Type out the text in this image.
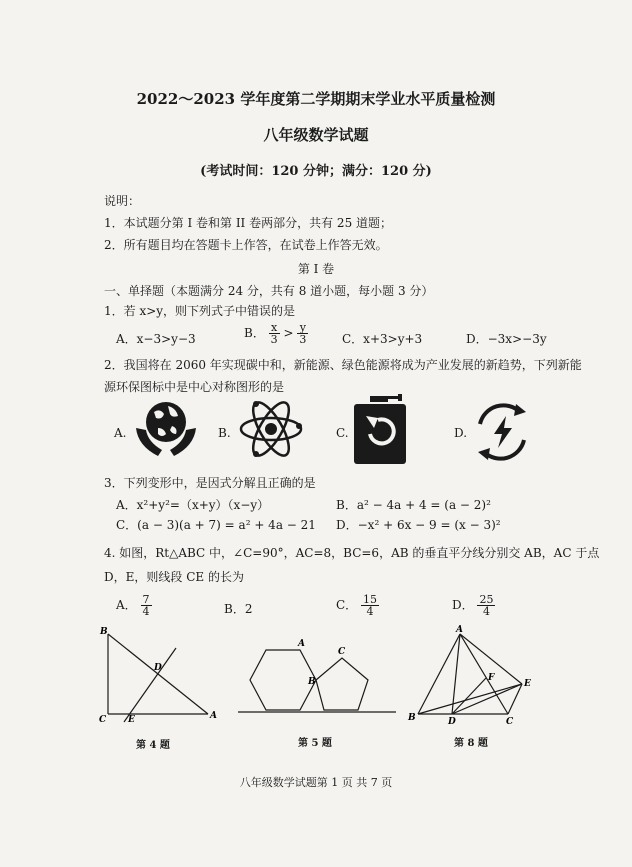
2022～2023 学年度第二学期期末学业水平质量检测
八年级数学试题
(考试时间：120 分钟；满分：120 分)
说明：
1．本试题分第 I 卷和第 II 卷两部分，共有 25 道题；
2．所有题目均在答题卡上作答，在试卷上作答无效。
第 I 卷
一、单择题（本题满分 24 分，共有 8 道小题，每小题 3 分）
1．若 x>y，则下列式子中错误的是
A．x−3>y−3	B． $\frac{x}{3} > \frac{y}{3}$	C．x+3>y+3	D．−3x>−3y
2．我国将在 2060 年实现碳中和，新能源、绿色能源将成为产业发展的新趋势，下列新能
源环保图标中是中心对称图形的是
A.	B.	C.	D.
3．下列变形中，是因式分解且正确的是
A．x²+y²=（x+y）（x−y）	B．a² − 4a + 4 = (a − 2)²
C．(a − 3)(a + 7) = a² + 4a − 21 D．−x² + 6x − 9 = (x − 3)²
4. 如图，Rt△ABC 中，∠C=90°，AC=8，BC=6，AB 的垂直平分线分别交 AB，AC 于点
D，E，则线段 CE 的长为
A． $\frac{7}{4}$	B．2	C． $\frac{15}{4}$	D． $\frac{25}{4}$
B
C E
D
A
第 4 题
A
B
C
第 5 题
A
B	D	C
F
E
第 8 题
八年级数学试题第 1 页 共 7 页
